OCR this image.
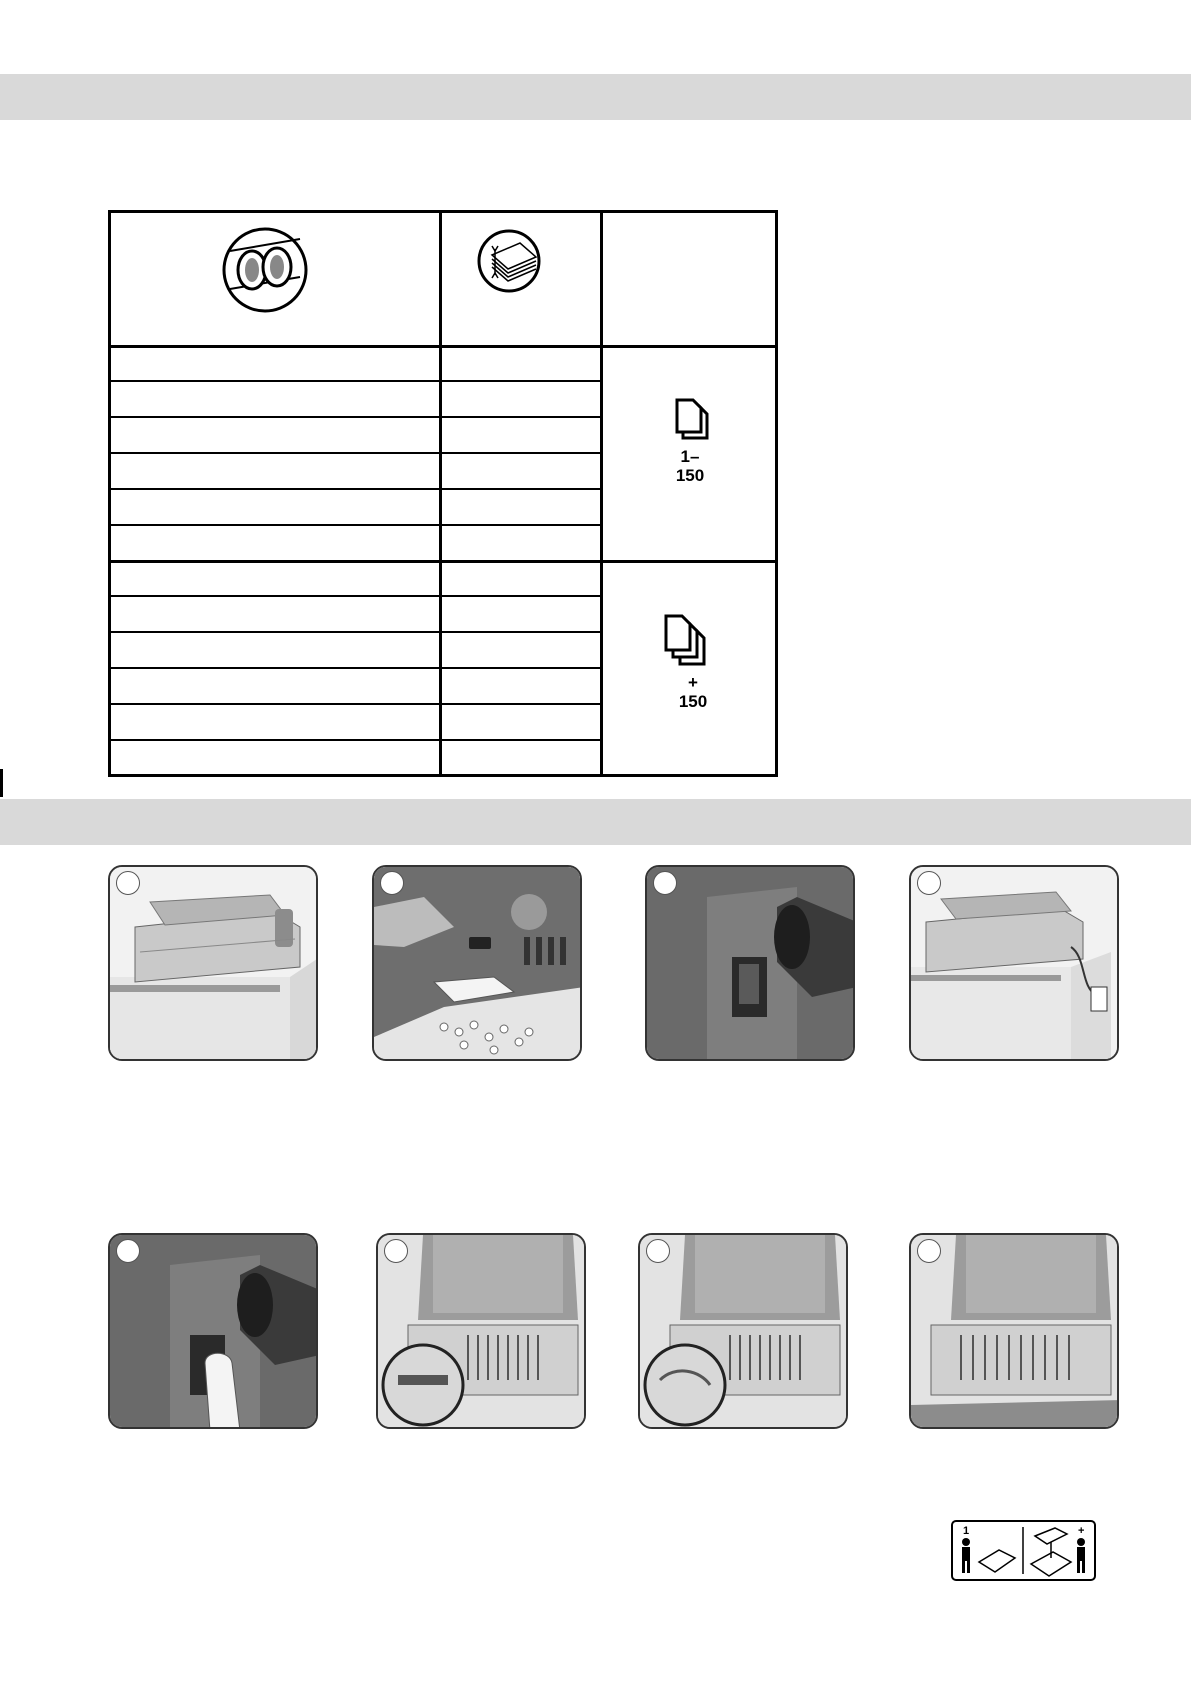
1–
150
+
150
1	+
